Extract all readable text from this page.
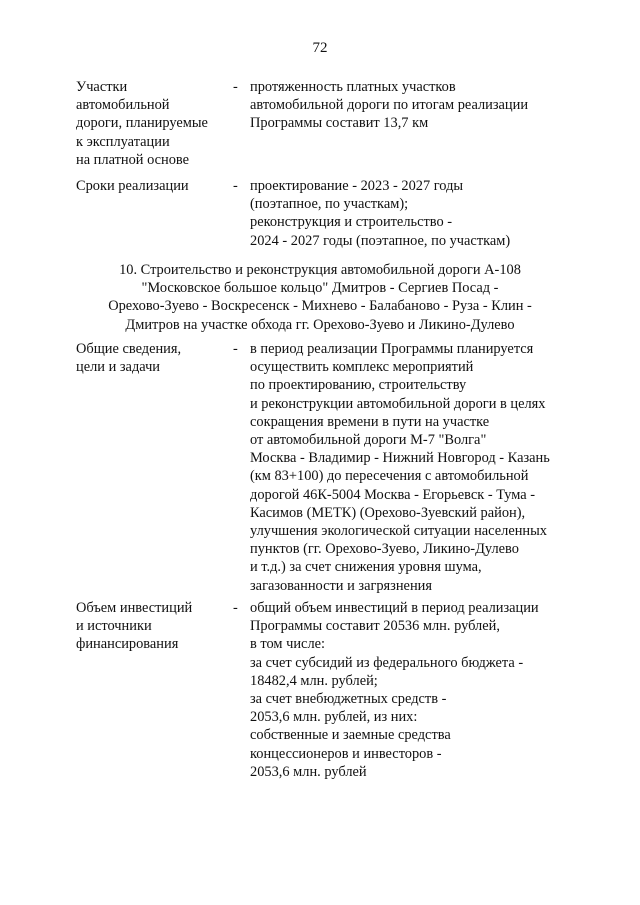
72
Участки
автомобильной
дороги, планируемые
к эксплуатации
на платной основе
- протяженность платных участков
автомобильной дороги по итогам реализации
Программы составит 13,7 км
Сроки реализации	- проектирование - 2023 - 2027 годы
(поэтапное, по участкам);
реконструкция и строительство -
2024 - 2027 годы (поэтапное, по участкам)
10. Строительство и реконструкция автомобильной дороги А-108
"Московское большое кольцо" Дмитров - Сергиев Посад -
Орехово-Зуево - Воскресенск - Михнево - Балабаново - Руза - Клин -
Дмитров на участке обхода гг. Орехово-Зуево и Ликино-Дулево
Общие сведения,
цели и задачи
- в период реализации Программы планируется
осуществить комплекс мероприятий
по проектированию, строительству
и реконструкции автомобильной дороги в целях
сокращения времени в пути на участке
от автомобильной дороги М-7 "Волга"
Москва - Владимир - Нижний Новгород - Казань
(км 83+100) до пересечения с автомобильной
дорогой 46К-5004 Москва - Егорьевск - Тума -
Касимов (МЕТК) (Орехово-Зуевский район),
улучшения экологической ситуации населенных
пунктов (гг. Орехово-Зуево, Ликино-Дулево
и т.д.) за счет снижения уровня шума,
загазованности и загрязнения
Объем инвестиций
и источники
финансирования
- общий объем инвестиций в период реализации
Программы составит 20536 млн. рублей,
в том числе:
за счет субсидий из федерального бюджета -
18482,4 млн. рублей;
за счет внебюджетных средств -
2053,6 млн. рублей, из них:
собственные и заемные средства
концессионеров и инвесторов -
2053,6 млн. рублей
